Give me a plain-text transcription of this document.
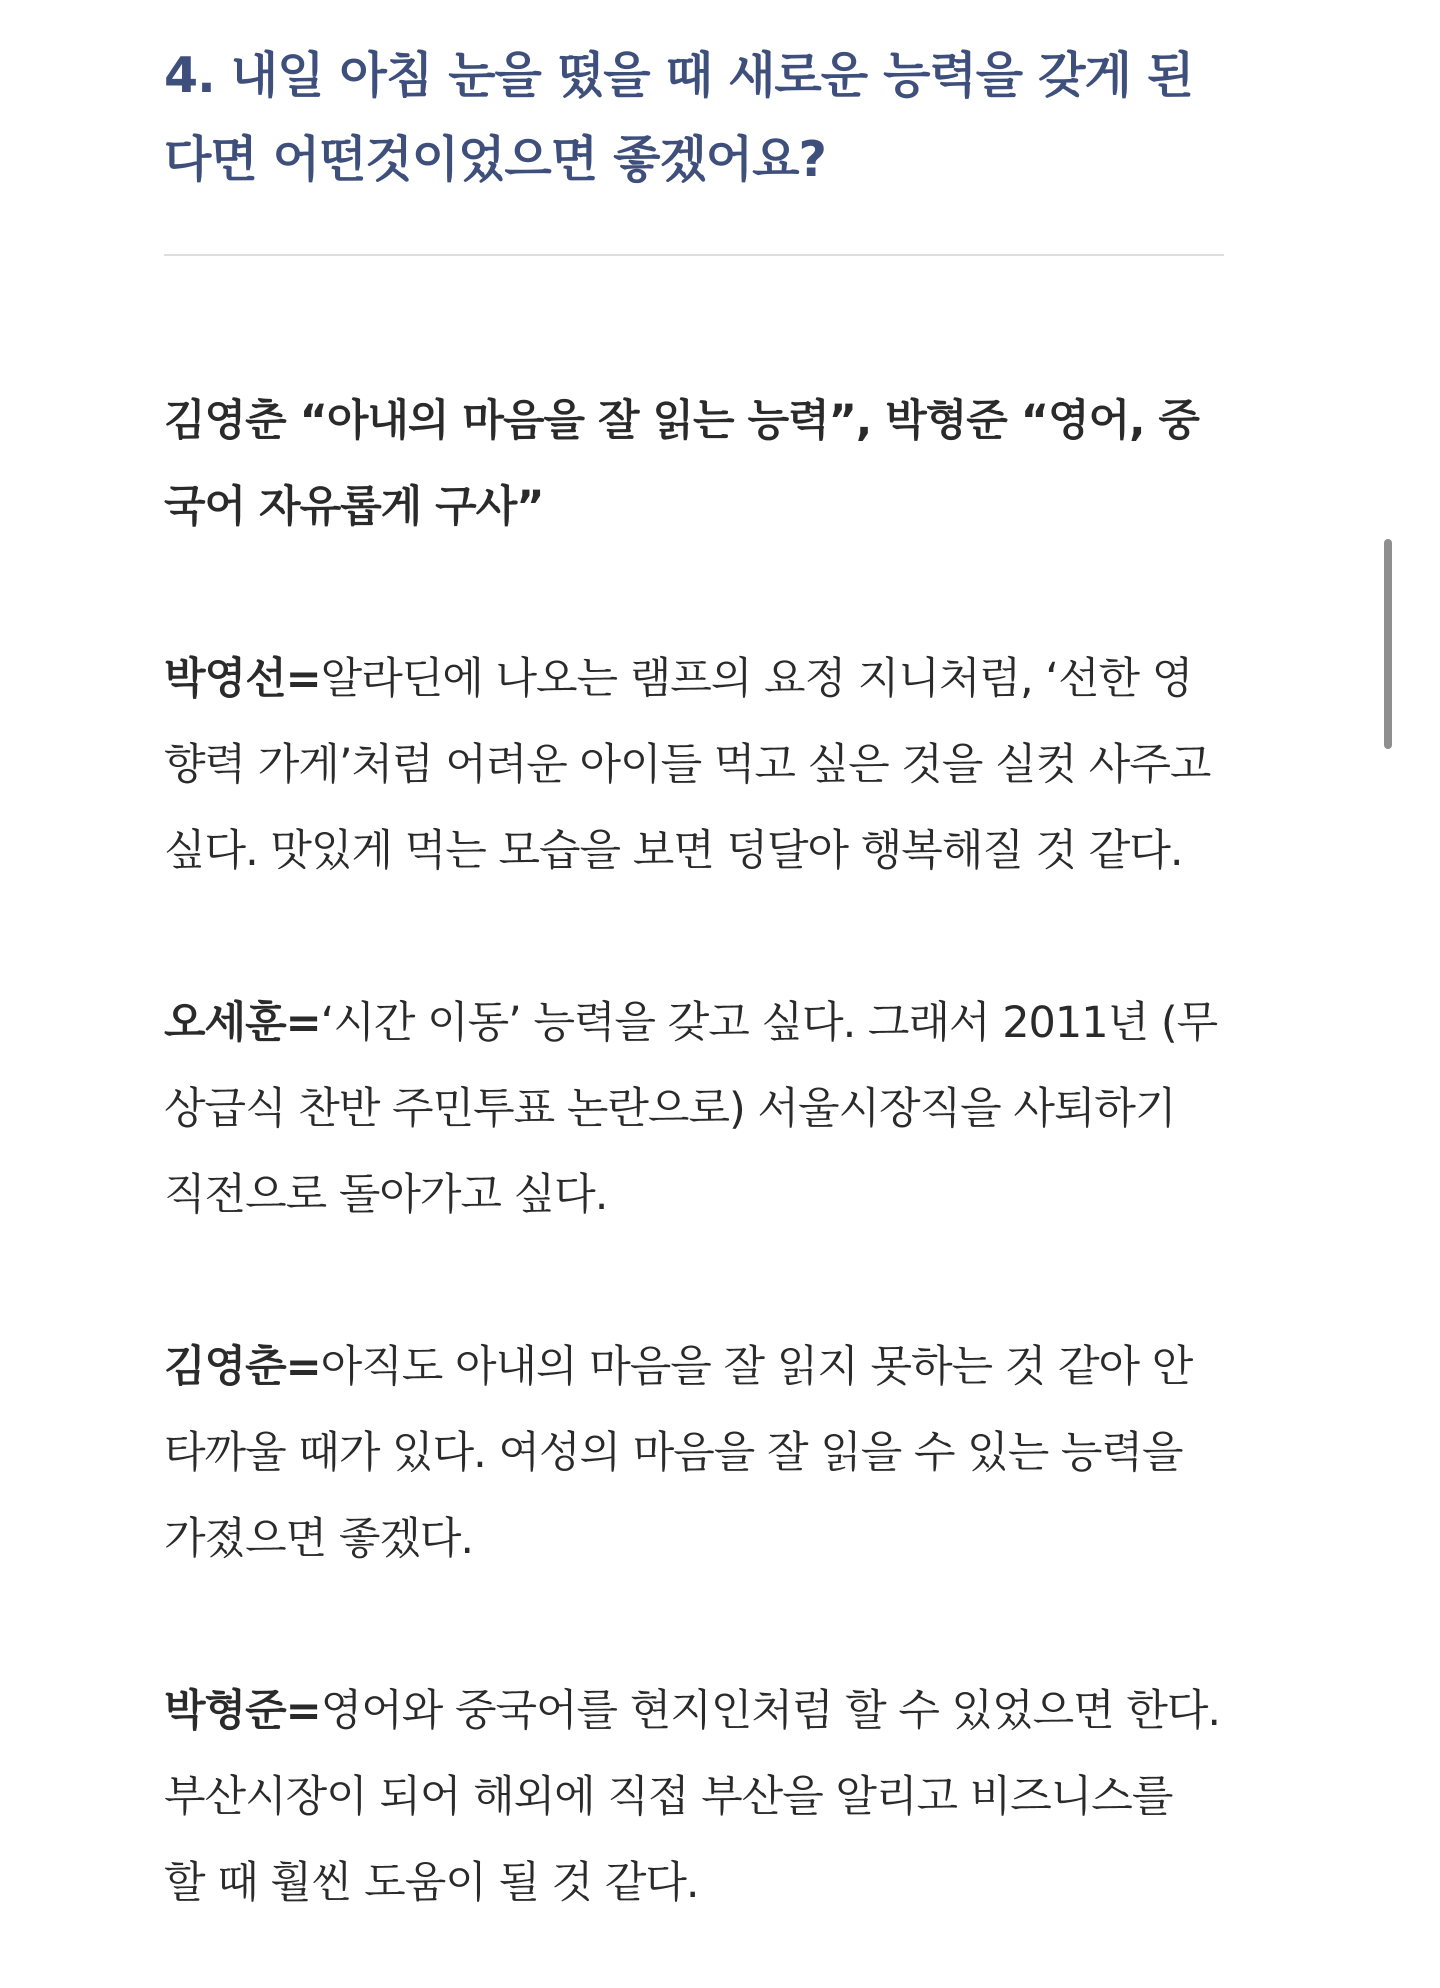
4. 내일 아침 눈을 떴을 때 새로운 능력을 갖게 된다면 어떤것이었으면 좋겠어요?

김영춘 “아내의 마음을 잘 읽는 능력”, 박형준 “영어, 중국어 자유롭게 구사”

박영선=알라딘에 나오는 램프의 요정 지니처럼, ‘선한 영향력 가게’처럼 어려운 아이들 먹고 싶은 것을 실컷 사주고 싶다. 맛있게 먹는 모습을 보면 덩달아 행복해질 것 같다.

오세훈=‘시간 이동’ 능력을 갖고 싶다. 그래서 2011년 (무상급식 찬반 주민투표 논란으로) 서울시장직을 사퇴하기 직전으로 돌아가고 싶다.

김영춘=아직도 아내의 마음을 잘 읽지 못하는 것 같아 안타까울 때가 있다. 여성의 마음을 잘 읽을 수 있는 능력을 가졌으면 좋겠다.

박형준=영어와 중국어를 현지인처럼 할 수 있었으면 한다. 부산시장이 되어 해외에 직접 부산을 알리고 비즈니스를 할 때 훨씬 도움이 될 것 같다.
